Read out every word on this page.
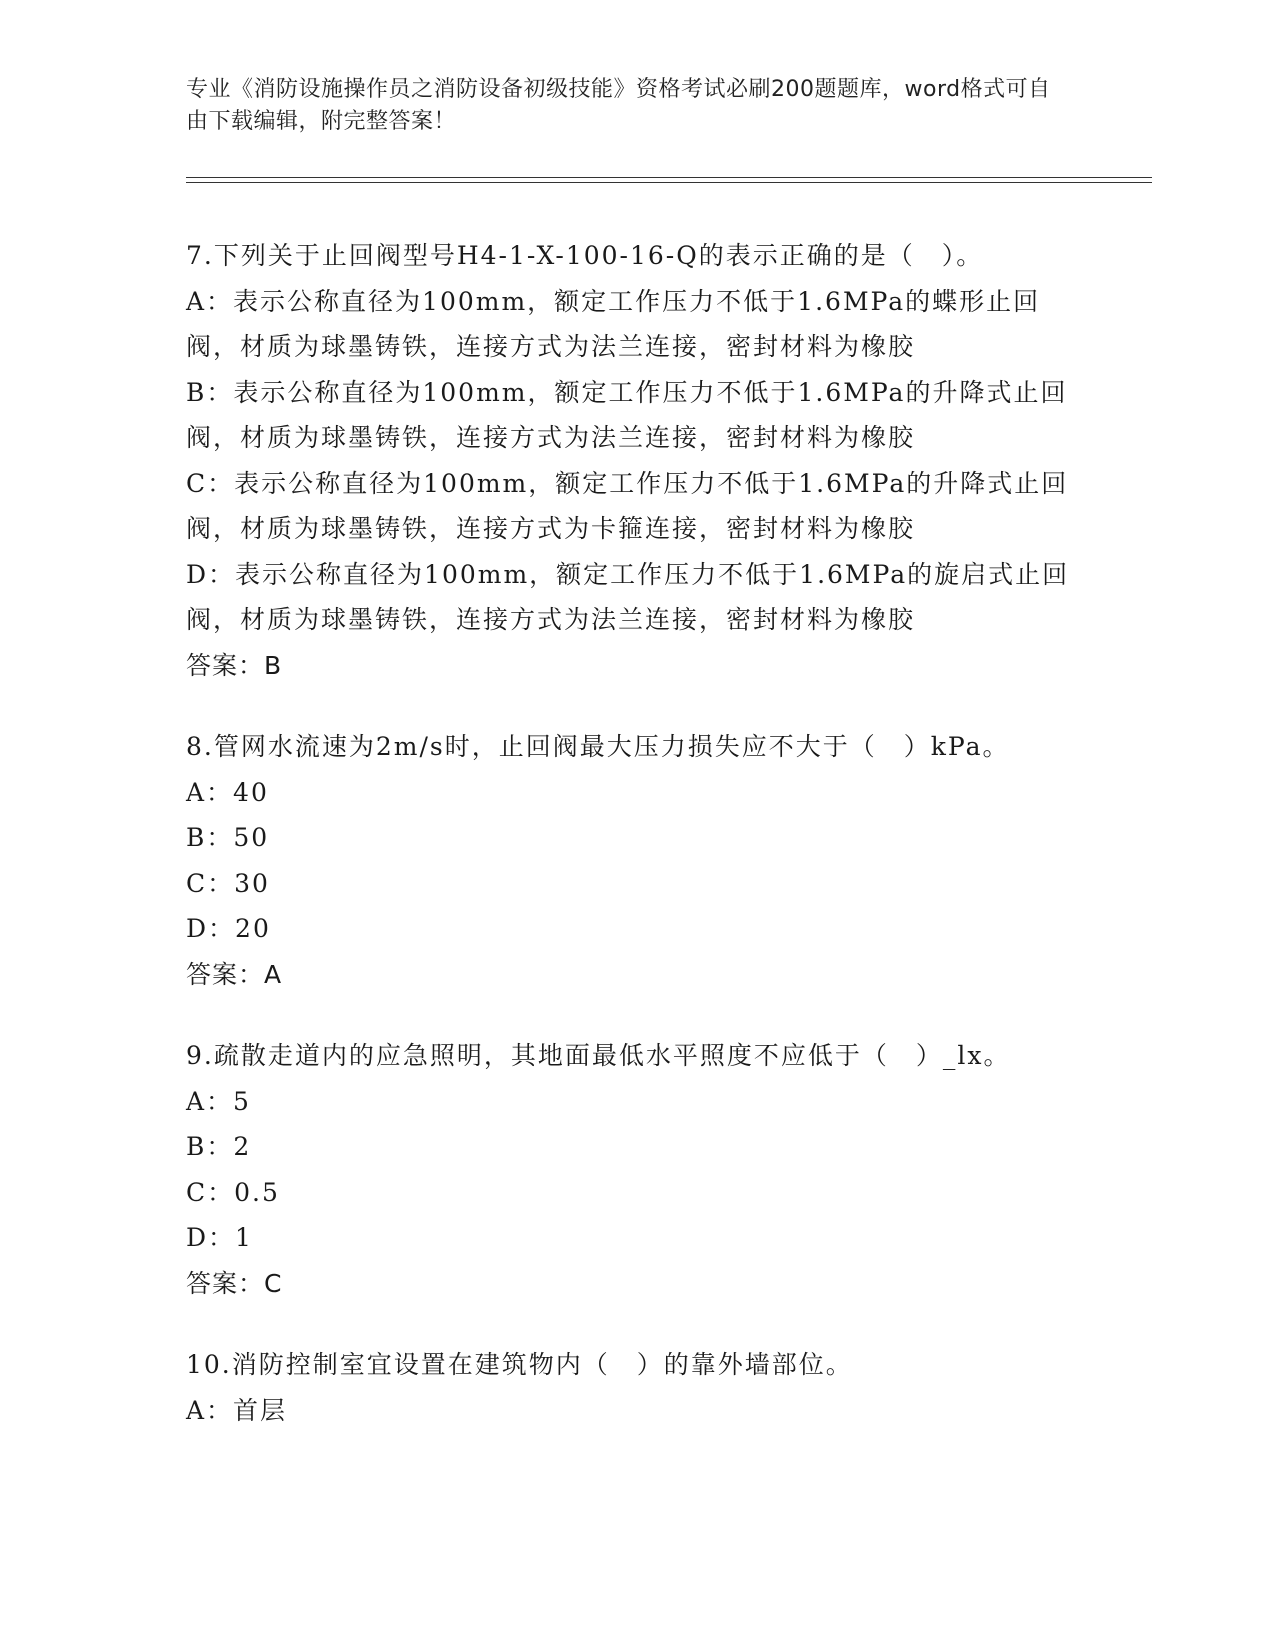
专业《消防设施操作员之消防设备初级技能》资格考试必刷200题题库，word格式可自由下载编辑，附完整答案！
7.下列关于止回阀型号H4-1-X-100-16-Q的表示正确的是（　）。
A：表示公称直径为100mm，额定工作压力不低于1.6MPa的蝶形止回阀，材质为球墨铸铁，连接方式为法兰连接，密封材料为橡胶
B：表示公称直径为100mm，额定工作压力不低于1.6MPa的升降式止回阀，材质为球墨铸铁，连接方式为法兰连接，密封材料为橡胶
C：表示公称直径为100mm，额定工作压力不低于1.6MPa的升降式止回阀，材质为球墨铸铁，连接方式为卡箍连接，密封材料为橡胶
D：表示公称直径为100mm，额定工作压力不低于1.6MPa的旋启式止回阀，材质为球墨铸铁，连接方式为法兰连接，密封材料为橡胶
答案：B
8.管网水流速为2m/s时，止回阀最大压力损失应不大于（　）kPa。
A：40
B：50
C：30
D：20
答案：A
9.疏散走道内的应急照明，其地面最低水平照度不应低于（　）_lx。
A：5
B：2
C：0.5
D：1
答案：C
10.消防控制室宜设置在建筑物内（　）的靠外墙部位。
A：首层
